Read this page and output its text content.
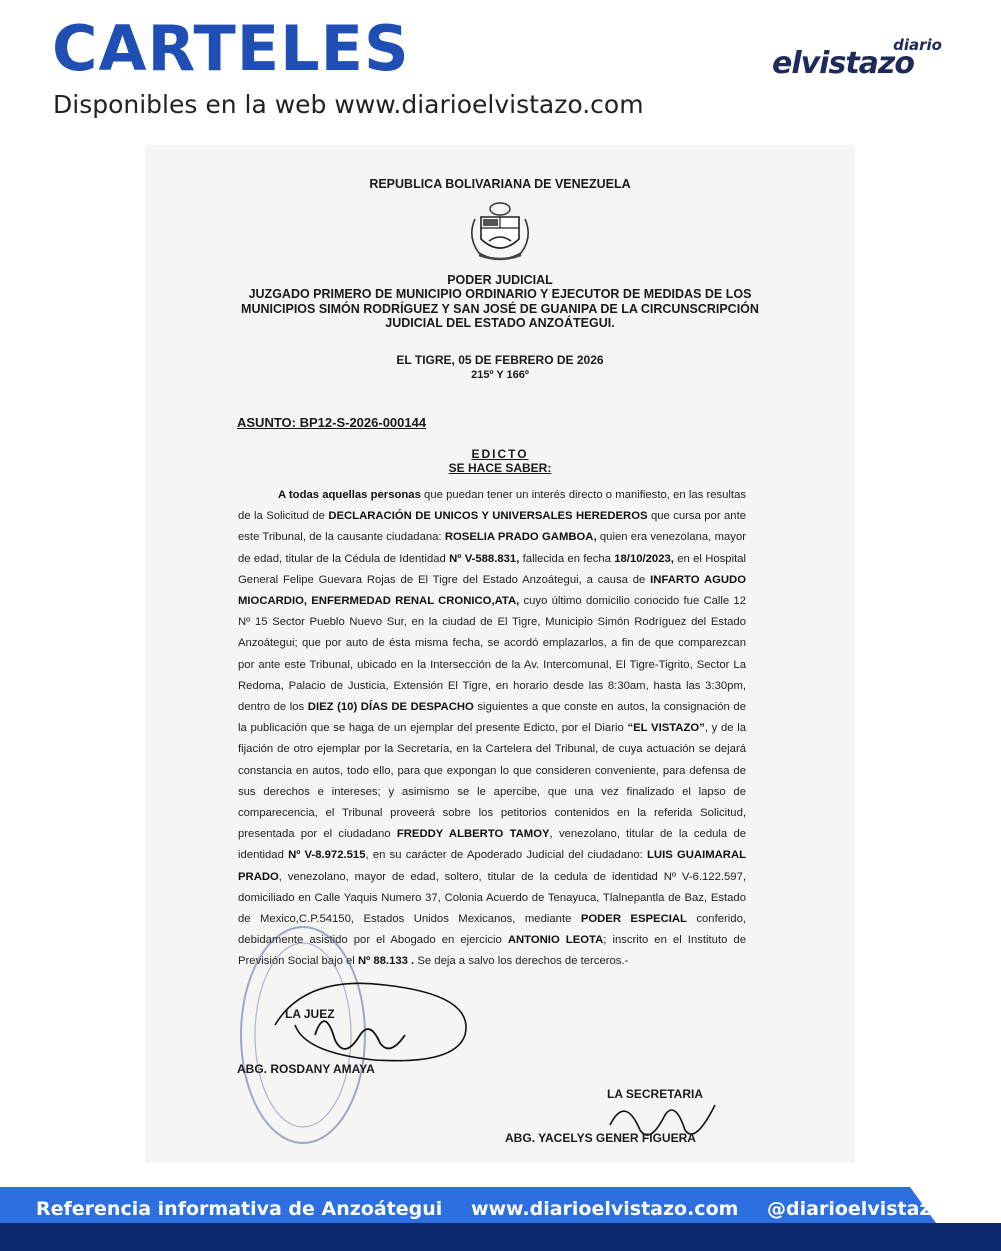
CARTELES
Disponibles en la web www.diarioelvistazo.com
diario
elvistazo
REPUBLICA BOLIVARIANA DE VENEZUELA
PODER JUDICIAL
JUZGADO PRIMERO DE MUNICIPIO ORDINARIO Y EJECUTOR DE MEDIDAS DE LOS MUNICIPIOS SIMÓN RODRÍGUEZ Y SAN JOSÉ DE GUANIPA DE LA CIRCUNSCRIPCIÓN JUDICIAL DEL ESTADO ANZOÁTEGUI.
EL TIGRE, 05 DE FEBRERO DE 2026
215º Y 166º
ASUNTO: BP12-S-2026-000144
EDICTO
SE HACE SABER:

A todas aquellas personas que puedan tener un interés directo o manifiesto, en las resultas de la Solicitud de DECLARACIÓN DE UNICOS Y UNIVERSALES HEREDEROS que cursa por ante este Tribunal, de la causante ciudadana: ROSELIA PRADO GAMBOA, quien era venezolana, mayor de edad, titular de la Cédula de Identidad Nº V-588.831, fallecida en fecha 18/10/2023, en el Hospital General Felipe Guevara Rojas de El Tigre del Estado Anzoátegui, a causa de INFARTO AGUDO MIOCARDIO, ENFERMEDAD RENAL CRONICO,ATA, cuyo último domicilio conocido fue Calle 12 Nº 15 Sector Pueblo Nuevo Sur, en la ciudad de El Tigre, Municipio Simón Rodríguez del Estado Anzoátegui; que por auto de ésta misma fecha, se acordó emplazarlos, a fin de que comparezcan por ante este Tribunal, ubicado en la Intersección de la Av. Intercomunal, El Tigre-Tigrito, Sector La Redoma, Palacio de Justicia, Extensión El Tigre, en horario desde las 8:30am, hasta las 3:30pm, dentro de los DIEZ (10) DÍAS DE DESPACHO siguientes a que conste en autos, la consignación de la publicación que se haga de un ejemplar del presente Edicto, por el Diario “EL VISTAZO”, y de la fijación de otro ejemplar por la Secretaría, en la Cartelera del Tribunal, de cuya actuación se dejará constancia en autos, todo ello, para que expongan lo que consideren conveniente, para defensa de sus derechos e intereses; y asimismo se le apercibe, que una vez finalizado el lapso de comparecencia, el Tribunal proveerá sobre los petitorios contenidos en la referida Solicitud, presentada por el ciudadano FREDDY ALBERTO TAMOY, venezolano, titular de la cedula de identidad Nº V-8.972.515, en su carácter de Apoderado Judicial del ciudadano: LUIS GUAIMARAL PRADO, venezolano, mayor de edad, soltero, titular de la cedula de identidad Nº V-6.122.597, domiciliado en Calle Yaquis Numero 37, Colonia Acuerdo de Tenayuca, Tlalnepantla de Baz, Estado de Mexico,C.P.54150, Estados Unidos Mexicanos, mediante PODER ESPECIAL conferido, debidamente asistido por el Abogado en ejercicio ANTONIO LEOTA; inscrito en el Instituto de Previsión Social bajo el Nº 88.133 . Se deja a salvo los derechos de terceros.-

LA JUEZ
ABG. ROSDANY AMAYA
LA SECRETARIA
ABG. YACELYS GENER FIGUERA
Referencia informativa de Anzoátegui www.diarioelvistazo.com @diarioelvistazo
